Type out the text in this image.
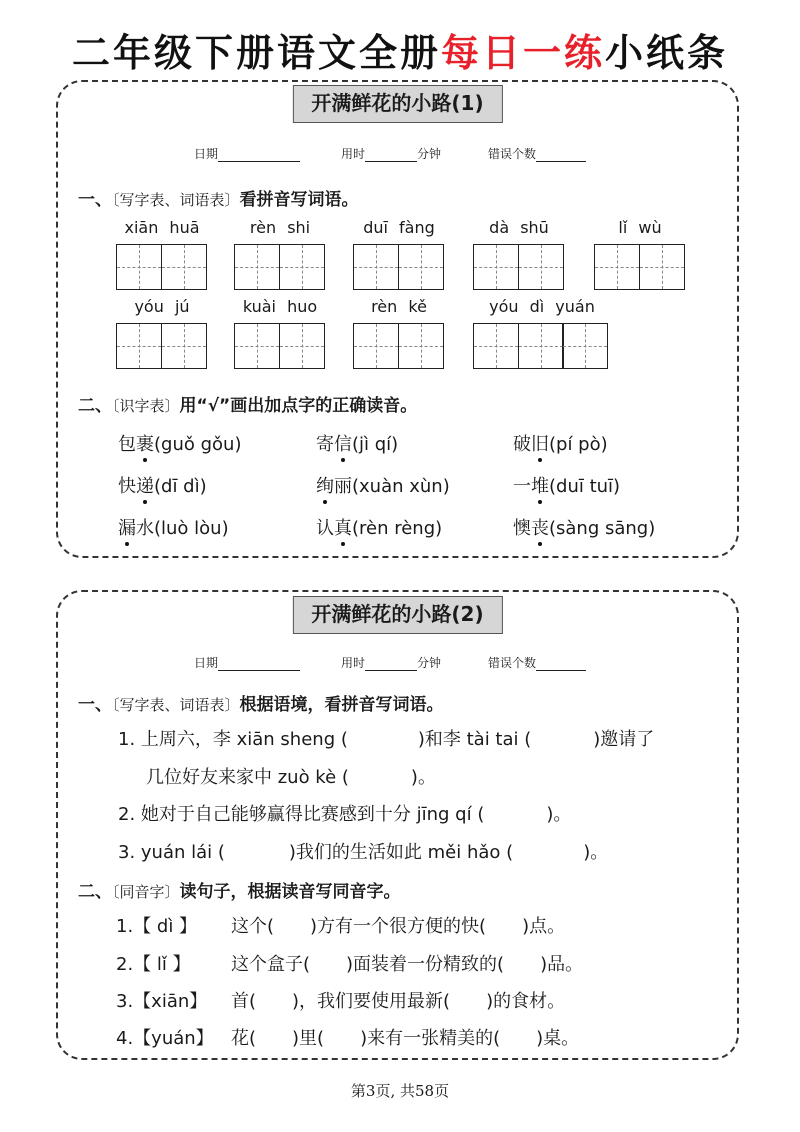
二年级下册语文全册每日一练小纸条
开满鲜花的小路(1)
日期	用时	分钟	错误个数
一、〔写字表、词语表〕看拼音写词语。
xiān huā	rèn shi	duī fàng	dà shū	lǐ wù
yóu jú	kuài huo	rèn kě	yóu dì yuán
二、〔识字表〕用“√”画出加点字的正确读音。
包裹(guǒ gǒu)	寄信(jì qí)	破旧(pí pò)
快递(dī dì)	绚丽(xuàn xùn)	一堆(duī tuī)
漏水(luò lòu)	认真(rèn rèng)	懊丧(sàng sāng)
开满鲜花的小路(2)
日期	用时	分钟	错误个数
一、〔写字表、词语表〕根据语境，看拼音写词语。
1. 上周六，李 xiān sheng (	)和李 tài tai (	)邀请了
几位好友来家中 zuò kè (	)。
2. 她对于自己能够赢得比赛感到十分 jīng qí (	)。
3. yuán lái (	)我们的生活如此 měi hǎo (	)。
二、〔同音字〕读句子，根据读音写同音字。
1.【 dì 】 这个( )方有一个很方便的快( )点。
2.【 lǐ 】 这个盒子( )面装着一份精致的( )品。
3.【xiān】 首( )，我们要使用最新( )的食材。
4.【yuán】 花( )里( )来有一张精美的( )桌。
第3页, 共58页
